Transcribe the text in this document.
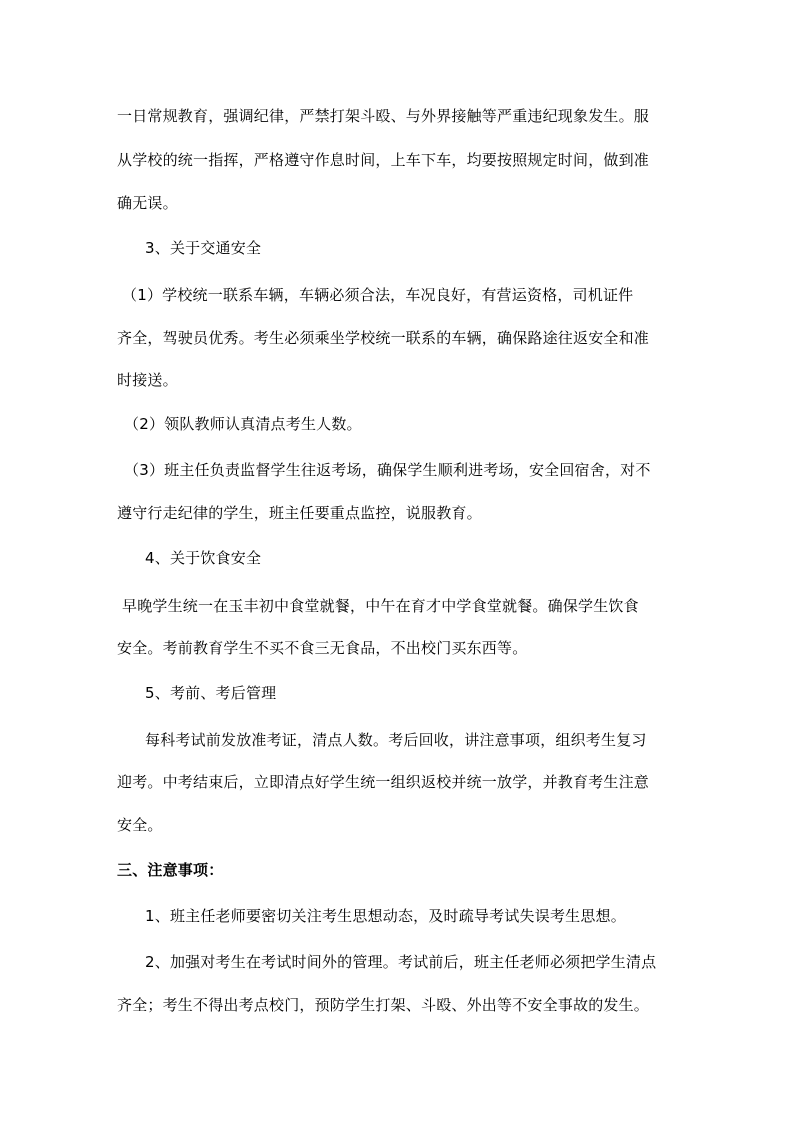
一日常规教育，强调纪律，严禁打架斗殴、与外界接触等严重违纪现象发生。服
从学校的统一指挥，严格遵守作息时间，上车下车，均要按照规定时间，做到准
确无误。
3、关于交通安全
（1）学校统一联系车辆，车辆必须合法，车况良好，有营运资格，司机证件
齐全，驾驶员优秀。考生必须乘坐学校统一联系的车辆，确保路途往返安全和准
时接送。
（2）领队教师认真清点考生人数。
（3）班主任负责监督学生往返考场，确保学生顺利进考场，安全回宿舍，对不
遵守行走纪律的学生，班主任要重点监控，说服教育。
4、关于饮食安全
早晚学生统一在玉丰初中食堂就餐，中午在育才中学食堂就餐。确保学生饮食
安全。考前教育学生不买不食三无食品，不出校门买东西等。
5、考前、考后管理
每科考试前发放准考证，清点人数。考后回收，讲注意事项，组织考生复习
迎考。中考结束后，立即清点好学生统一组织返校并统一放学，并教育考生注意
安全。
三、注意事项：
1、班主任老师要密切关注考生思想动态，及时疏导考试失误考生思想。
2、加强对考生在考试时间外的管理。考试前后，班主任老师必须把学生清点
齐全；考生不得出考点校门，预防学生打架、斗殴、外出等不安全事故的发生。
